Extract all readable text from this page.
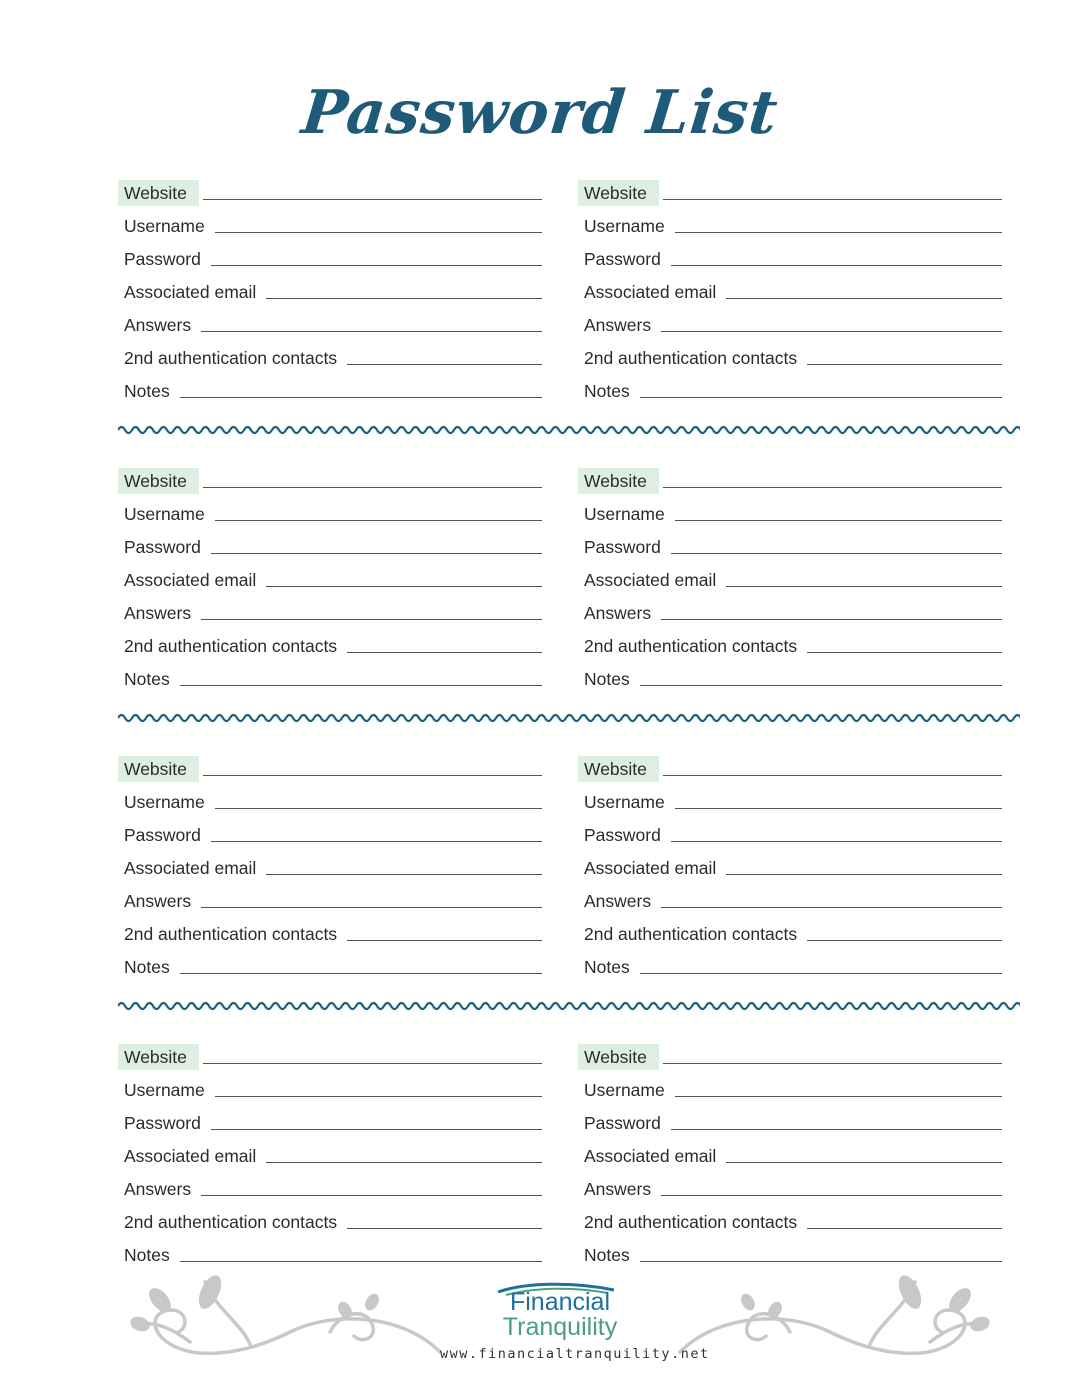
Password List
Website
Username
Password
Associated email
Answers
2nd authentication contacts
Notes
Website
Username
Password
Associated email
Answers
2nd authentication contacts
Notes
Website
Username
Password
Associated email
Answers
2nd authentication contacts
Notes
Website
Username
Password
Associated email
Answers
2nd authentication contacts
Notes
Website
Username
Password
Associated email
Answers
2nd authentication contacts
Notes
Website
Username
Password
Associated email
Answers
2nd authentication contacts
Notes
Website
Username
Password
Associated email
Answers
2nd authentication contacts
Notes
Website
Username
Password
Associated email
Answers
2nd authentication contacts
Notes
Financial
Tranquility
www.financialtranquility.net
